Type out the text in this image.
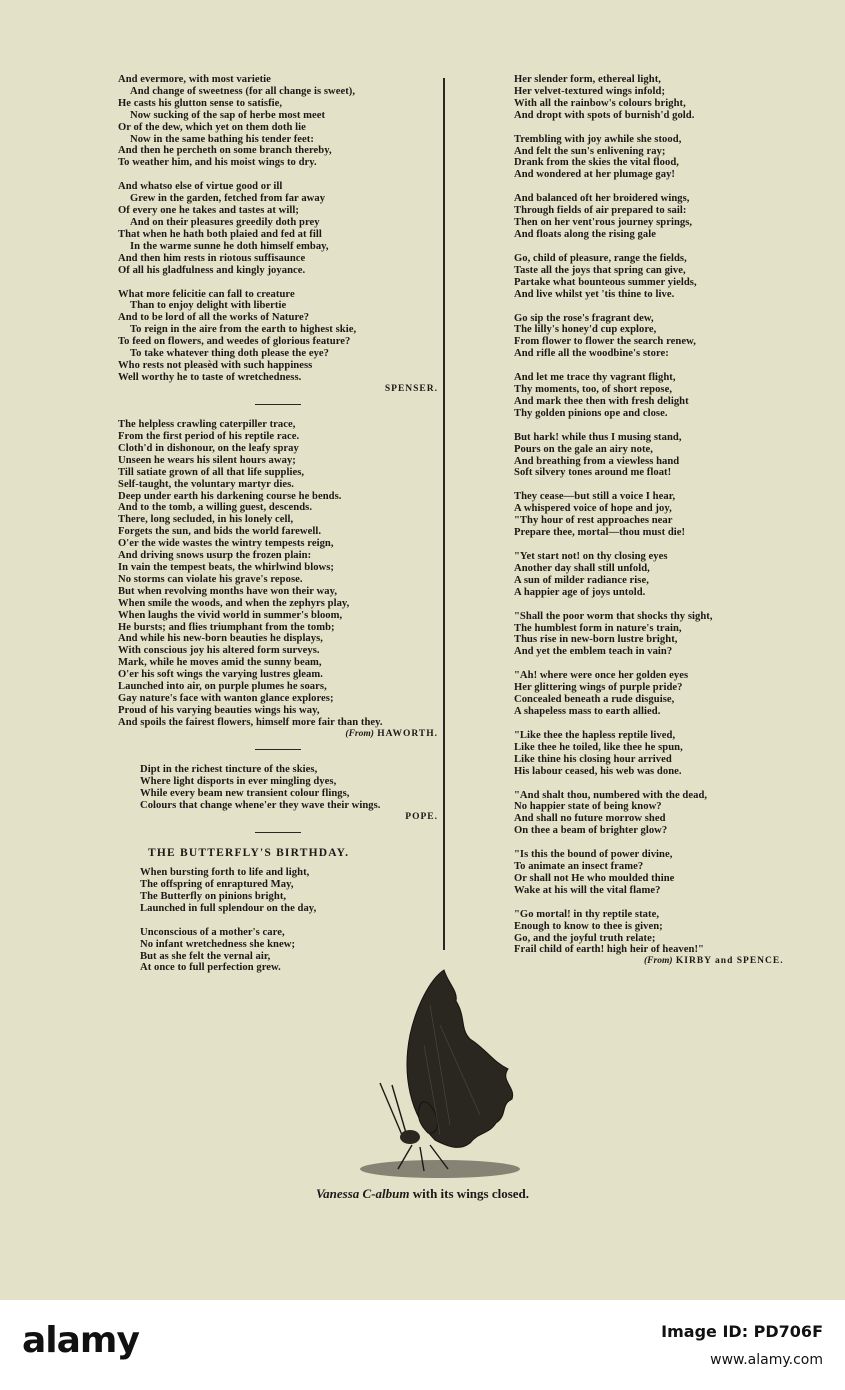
And evermore, with most varietie
And change of sweetness (for all change is sweet),
He casts his glutton sense to satisfie,
Now sucking of the sap of herbe most meet
Or of the dew, which yet on them doth lie
Now in the same bathing his tender feet:
And then he percheth on some branch thereby,
To weather him, and his moist wings to dry.
And whatso else of virtue good or ill
Grew in the garden, fetched from far away
Of every one he takes and tastes at will;
And on their pleasures greedily doth prey
That when he hath both plaied and fed at fill
In the warme sunne he doth himself embay,
And then him rests in riotous suffisaunce
Of all his gladfulness and kingly joyance.
What more felicitie can fall to creature
Than to enjoy delight with libertie
And to be lord of all the works of Nature?
To reign in the aire from the earth to highest skie,
To feed on flowers, and weedes of glorious feature?
To take whatever thing doth please the eye?
Who rests not pleasèd with such happiness
Well worthy he to taste of wretchedness.
SPENSER.
The helpless crawling caterpiller trace,
From the first period of his reptile race.
Cloth'd in dishonour, on the leafy spray
Unseen he wears his silent hours away;
Till satiate grown of all that life supplies,
Self-taught, the voluntary martyr dies.
Deep under earth his darkening course he bends.
And to the tomb, a willing guest, descends.
There, long secluded, in his lonely cell,
Forgets the sun, and bids the world farewell.
O'er the wide wastes the wintry tempests reign,
And driving snows usurp the frozen plain:
In vain the tempest beats, the whirlwind blows;
No storms can violate his grave's repose.
But when revolving months have won their way,
When smile the woods, and when the zephyrs play,
When laughs the vivid world in summer's bloom,
He bursts; and flies triumphant from the tomb;
And while his new-born beauties he displays,
With conscious joy his altered form surveys.
Mark, while he moves amid the sunny beam,
O'er his soft wings the varying lustres gleam.
Launched into air, on purple plumes he soars,
Gay nature's face with wanton glance explores;
Proud of his varying beauties wings his way,
And spoils the fairest flowers, himself more fair than they.
(From) HAWORTH.
Dipt in the richest tincture of the skies,
Where light disports in ever mingling dyes,
While every beam new transient colour flings,
Colours that change whene'er they wave their wings.
POPE.
THE BUTTERFLY'S BIRTHDAY.
When bursting forth to life and light,
The offspring of enraptured May,
The Butterfly on pinions bright,
Launched in full splendour on the day,
Unconscious of a mother's care,
No infant wretchedness she knew;
But as she felt the vernal air,
At once to full perfection grew.
Her slender form, ethereal light,
Her velvet-textured wings infold;
With all the rainbow's colours bright,
And dropt with spots of burnish'd gold.
Trembling with joy awhile she stood,
And felt the sun's enlivening ray;
Drank from the skies the vital flood,
And wondered at her plumage gay!
And balanced oft her broidered wings,
Through fields of air prepared to sail:
Then on her vent'rous journey springs,
And floats along the rising gale
Go, child of pleasure, range the fields,
Taste all the joys that spring can give,
Partake what bounteous summer yields,
And live whilst yet 'tis thine to live.
Go sip the rose's fragrant dew,
The lilly's honey'd cup explore,
From flower to flower the search renew,
And rifle all the woodbine's store:
And let me trace thy vagrant flight,
Thy moments, too, of short repose,
And mark thee then with fresh delight
Thy golden pinions ope and close.
But hark! while thus I musing stand,
Pours on the gale an airy note,
And breathing from a viewless hand
Soft silvery tones around me float!
They cease—but still a voice I hear,
A whispered voice of hope and joy,
"Thy hour of rest approaches near
Prepare thee, mortal—thou must die!
"Yet start not! on thy closing eyes
Another day shall still unfold,
A sun of milder radiance rise,
A happier age of joys untold.
"Shall the poor worm that shocks thy sight,
The humblest form in nature's train,
Thus rise in new-born lustre bright,
And yet the emblem teach in vain?
"Ah! where were once her golden eyes
Her glittering wings of purple pride?
Concealed beneath a rude disguise,
A shapeless mass to earth allied.
"Like thee the hapless reptile lived,
Like thee he toiled, like thee he spun,
Like thine his closing hour arrived
His labour ceased, his web was done.
"And shalt thou, numbered with the dead,
No happier state of being know?
And shall no future morrow shed
On thee a beam of brighter glow?
"Is this the bound of power divine,
To animate an insect frame?
Or shall not He who moulded thine
Wake at his will the vital flame?
"Go mortal! in thy reptile state,
Enough to know to thee is given;
Go, and the joyful truth relate;
Frail child of earth! high heir of heaven!"
(From) KIRBY and SPENCE.
Vanessa C-album with its wings closed.
alamy	Image ID: PD706F
www.alamy.com
